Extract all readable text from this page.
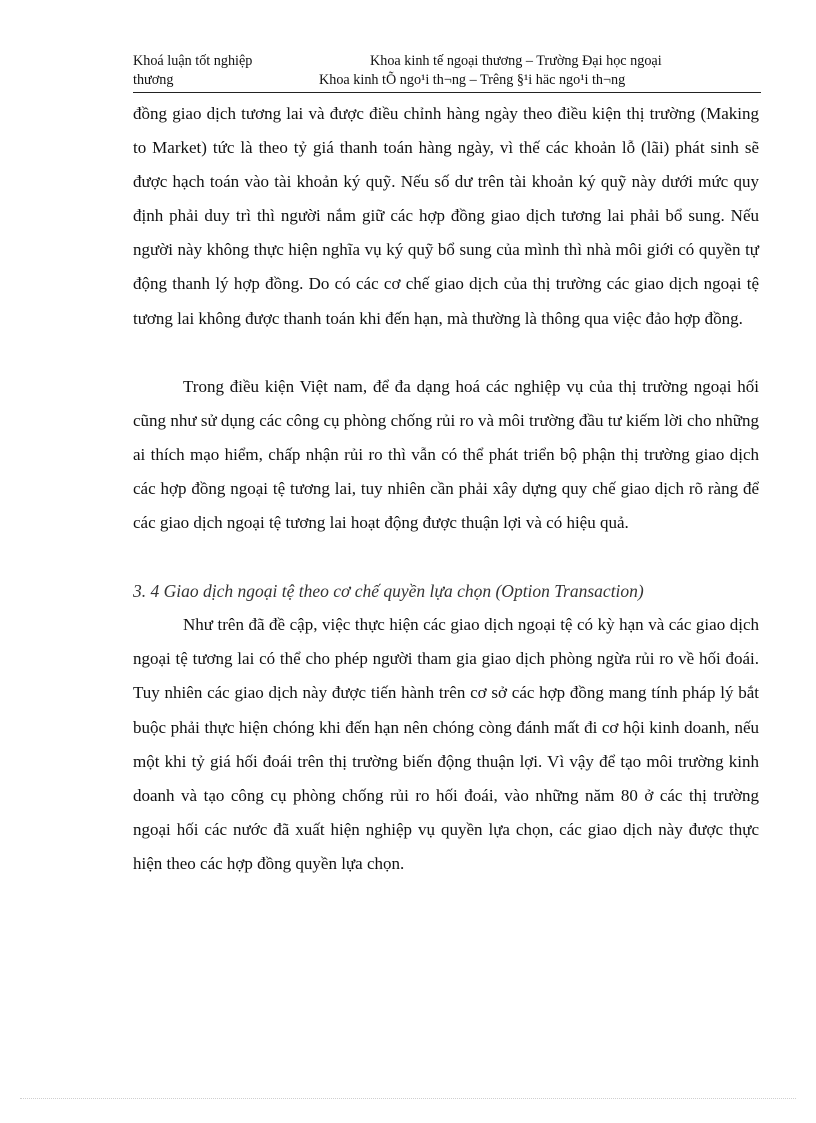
Khoá luận tốt nghiệp	Khoa kinh tế ngoại thương – Trường Đại học ngoại
thương	Khoa kinh tÕ ngo¹i th¬ng – Trêng §¹i häc ngo¹i th¬ng

đồng giao dịch tương lai và được điều chỉnh hàng ngày theo điều kiện thị trường (Making to Market) tức là theo tỷ giá thanh toán hàng ngày, vì thế các khoản lỗ (lãi) phát sinh sẽ được hạch toán vào tài khoản ký quỹ. Nếu số dư trên tài khoản ký quỹ này dưới mức quy định phải duy trì thì người nắm giữ các hợp đồng giao dịch tương lai phải bổ sung. Nếu người này không thực hiện nghĩa vụ ký quỹ bổ sung của mình thì nhà môi giới có quyền tự động thanh lý hợp đồng. Do có các cơ chế giao dịch của thị trường các giao dịch ngoại tệ tương lai không được thanh toán khi đến hạn, mà thường là thông qua việc đảo hợp đồng.

Trong điều kiện Việt nam, để đa dạng hoá các nghiệp vụ của thị trường ngoại hối cũng như sử dụng các công cụ phòng chống rủi ro và môi trường đầu tư kiếm lời cho những ai thích mạo hiểm, chấp nhận rủi ro thì vẫn có thể phát triển bộ phận thị trường giao dịch các hợp đồng ngoại tệ tương lai, tuy nhiên cần phải xây dựng quy chế giao dịch rõ ràng để các giao dịch ngoại tệ tương lai hoạt động được thuận lợi và có hiệu quả.

3. 4 Giao dịch ngoại tệ theo cơ chế quyền lựa chọn (Option Transaction)

Như trên đã đề cập, việc thực hiện các giao dịch ngoại tệ có kỳ hạn và các giao dịch ngoại tệ tương lai có thể cho phép người tham gia giao dịch phòng ngừa rủi ro về hối đoái. Tuy nhiên các giao dịch này được tiến hành trên cơ sở các hợp đồng mang tính pháp lý bắt buộc phải thực hiện chóng khi đến hạn nên chóng còng đánh mất đi cơ hội kinh doanh, nếu một khi tỷ giá hối đoái trên thị trường biến động thuận lợi. Vì vậy để tạo môi trường kinh doanh và tạo công cụ phòng chống rủi ro hối đoái, vào những năm 80 ở các thị trường ngoại hối các nước đã xuất hiện nghiệp vụ quyền lựa chọn, các giao dịch này được thực hiện theo các hợp đồng quyền lựa chọn.
